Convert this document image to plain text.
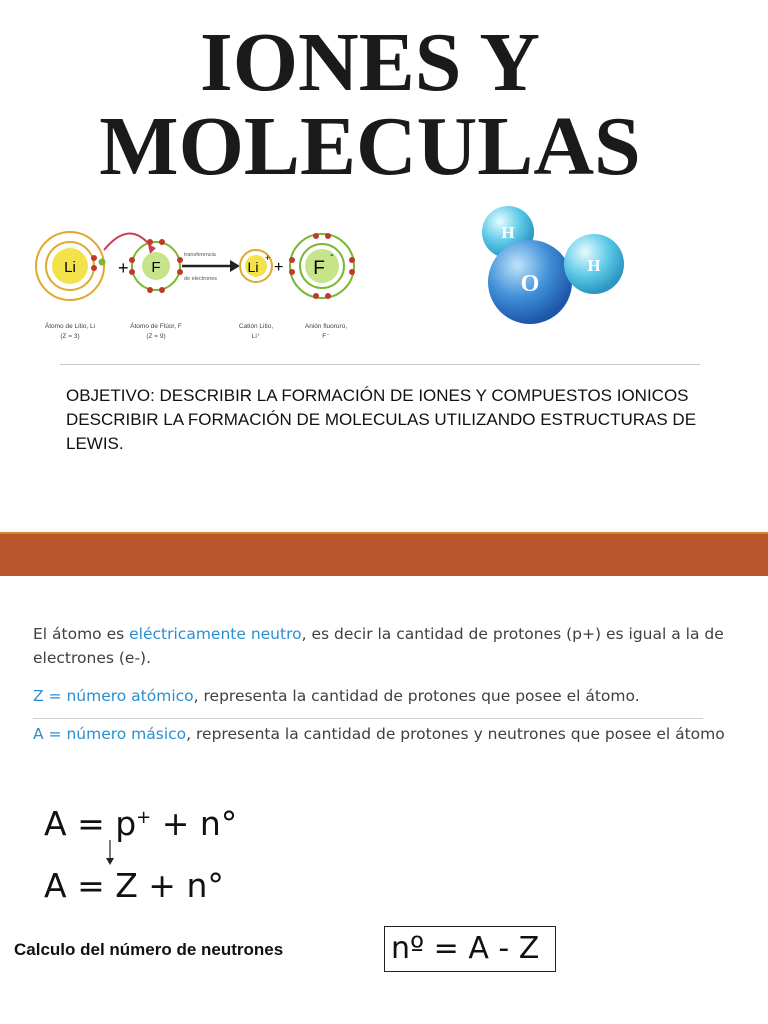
IONES Y
MOLECULAS
Li + F
transferencia
de electrones
Li
+
+ F
-
Átomo de Litio, Li
(Z = 3)
Átomo de Flúor, F
(Z = 9)
Catión Litio,
Li⁺
Anión fluoruro,
F⁻
H
O
H
OBJETIVO: DESCRIBIR LA FORMACIÓN DE IONES Y COMPUESTOS IONICOS
DESCRIBIR LA FORMACIÓN DE MOLECULAS UTILIZANDO ESTRUCTURAS DE LEWIS.

El átomo es eléctricamente neutro, es decir la cantidad de protones (p+) es igual a la de electrones (e-).

Z = número atómico, representa la cantidad de protones que posee el átomo.

A = número másico, representa la cantidad de protones y neutrones que posee el átomo

A = p+ + n°
A = Z + n°
Calculo del número de neutrones	nº = A - Z
